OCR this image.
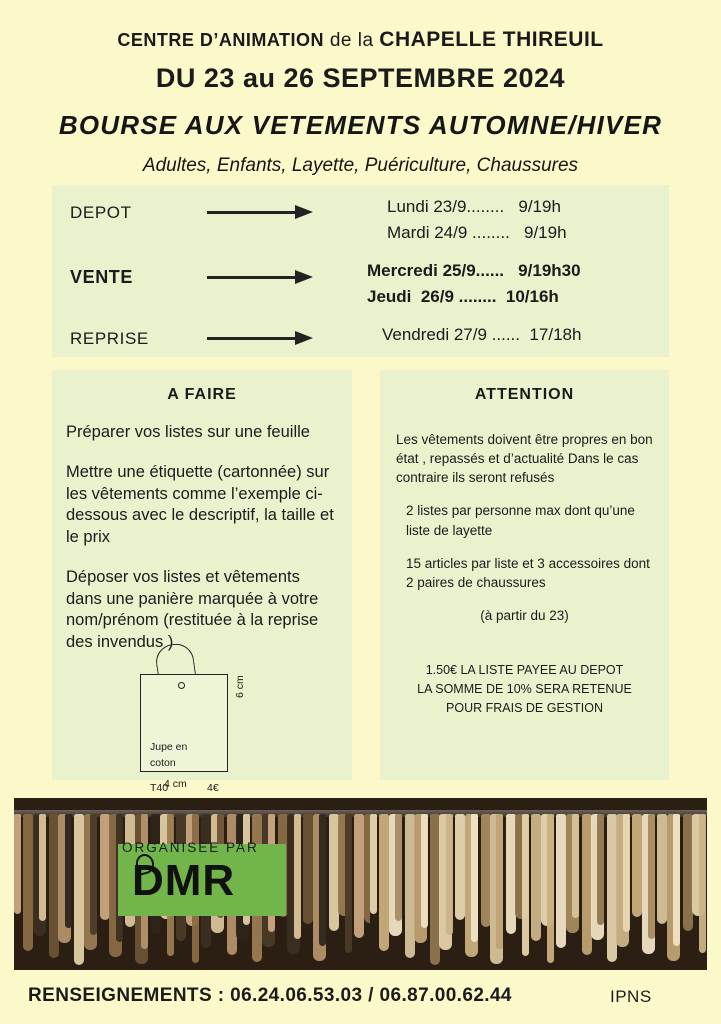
CENTRE D’ANIMATION de la CHAPELLE THIREUIL
DU 23 au 26 SEPTEMBRE 2024
BOURSE AUX VETEMENTS AUTOMNE/HIVER
Adultes, Enfants, Layette, Puériculture, Chaussures
DEPOT	Lundi 23/9........   9/19h
Mardi 24/9 ........   9/19h
VENTE	Mercredi 25/9......   9/19h30
Jeudi  26/9 ........  10/16h
REPRISE	Vendredi 27/9 ......  17/18h
A FAIRE

Préparer vos listes sur une feuille

Mettre une étiquette (cartonnée) sur les vêtements comme l’exemple ci-dessous avec le descriptif, la taille et le prix

Déposer vos listes et vêtements dans une panière marquée à votre nom/prénom (restituée à la reprise des invendus )

Jupe en
coton
T40	4€
6 cm
4 cm
ATTENTION

Les vêtements doivent être propres en bon état , repassés et d’actualité Dans le cas contraire ils seront refusés

2 listes par personne max dont qu’une liste de layette

15 articles par liste et 3 accessoires dont 2 paires de chaussures

(à partir du 23)

1.50€ LA LISTE PAYEE AU DEPOT
LA SOMME DE 10% SERA RETENUE
POUR FRAIS DE GESTION
ORGANISEE PAR
DMR
RENSEIGNEMENTS : 06.24.06.53.03 / 06.87.00.62.44	IPNS
